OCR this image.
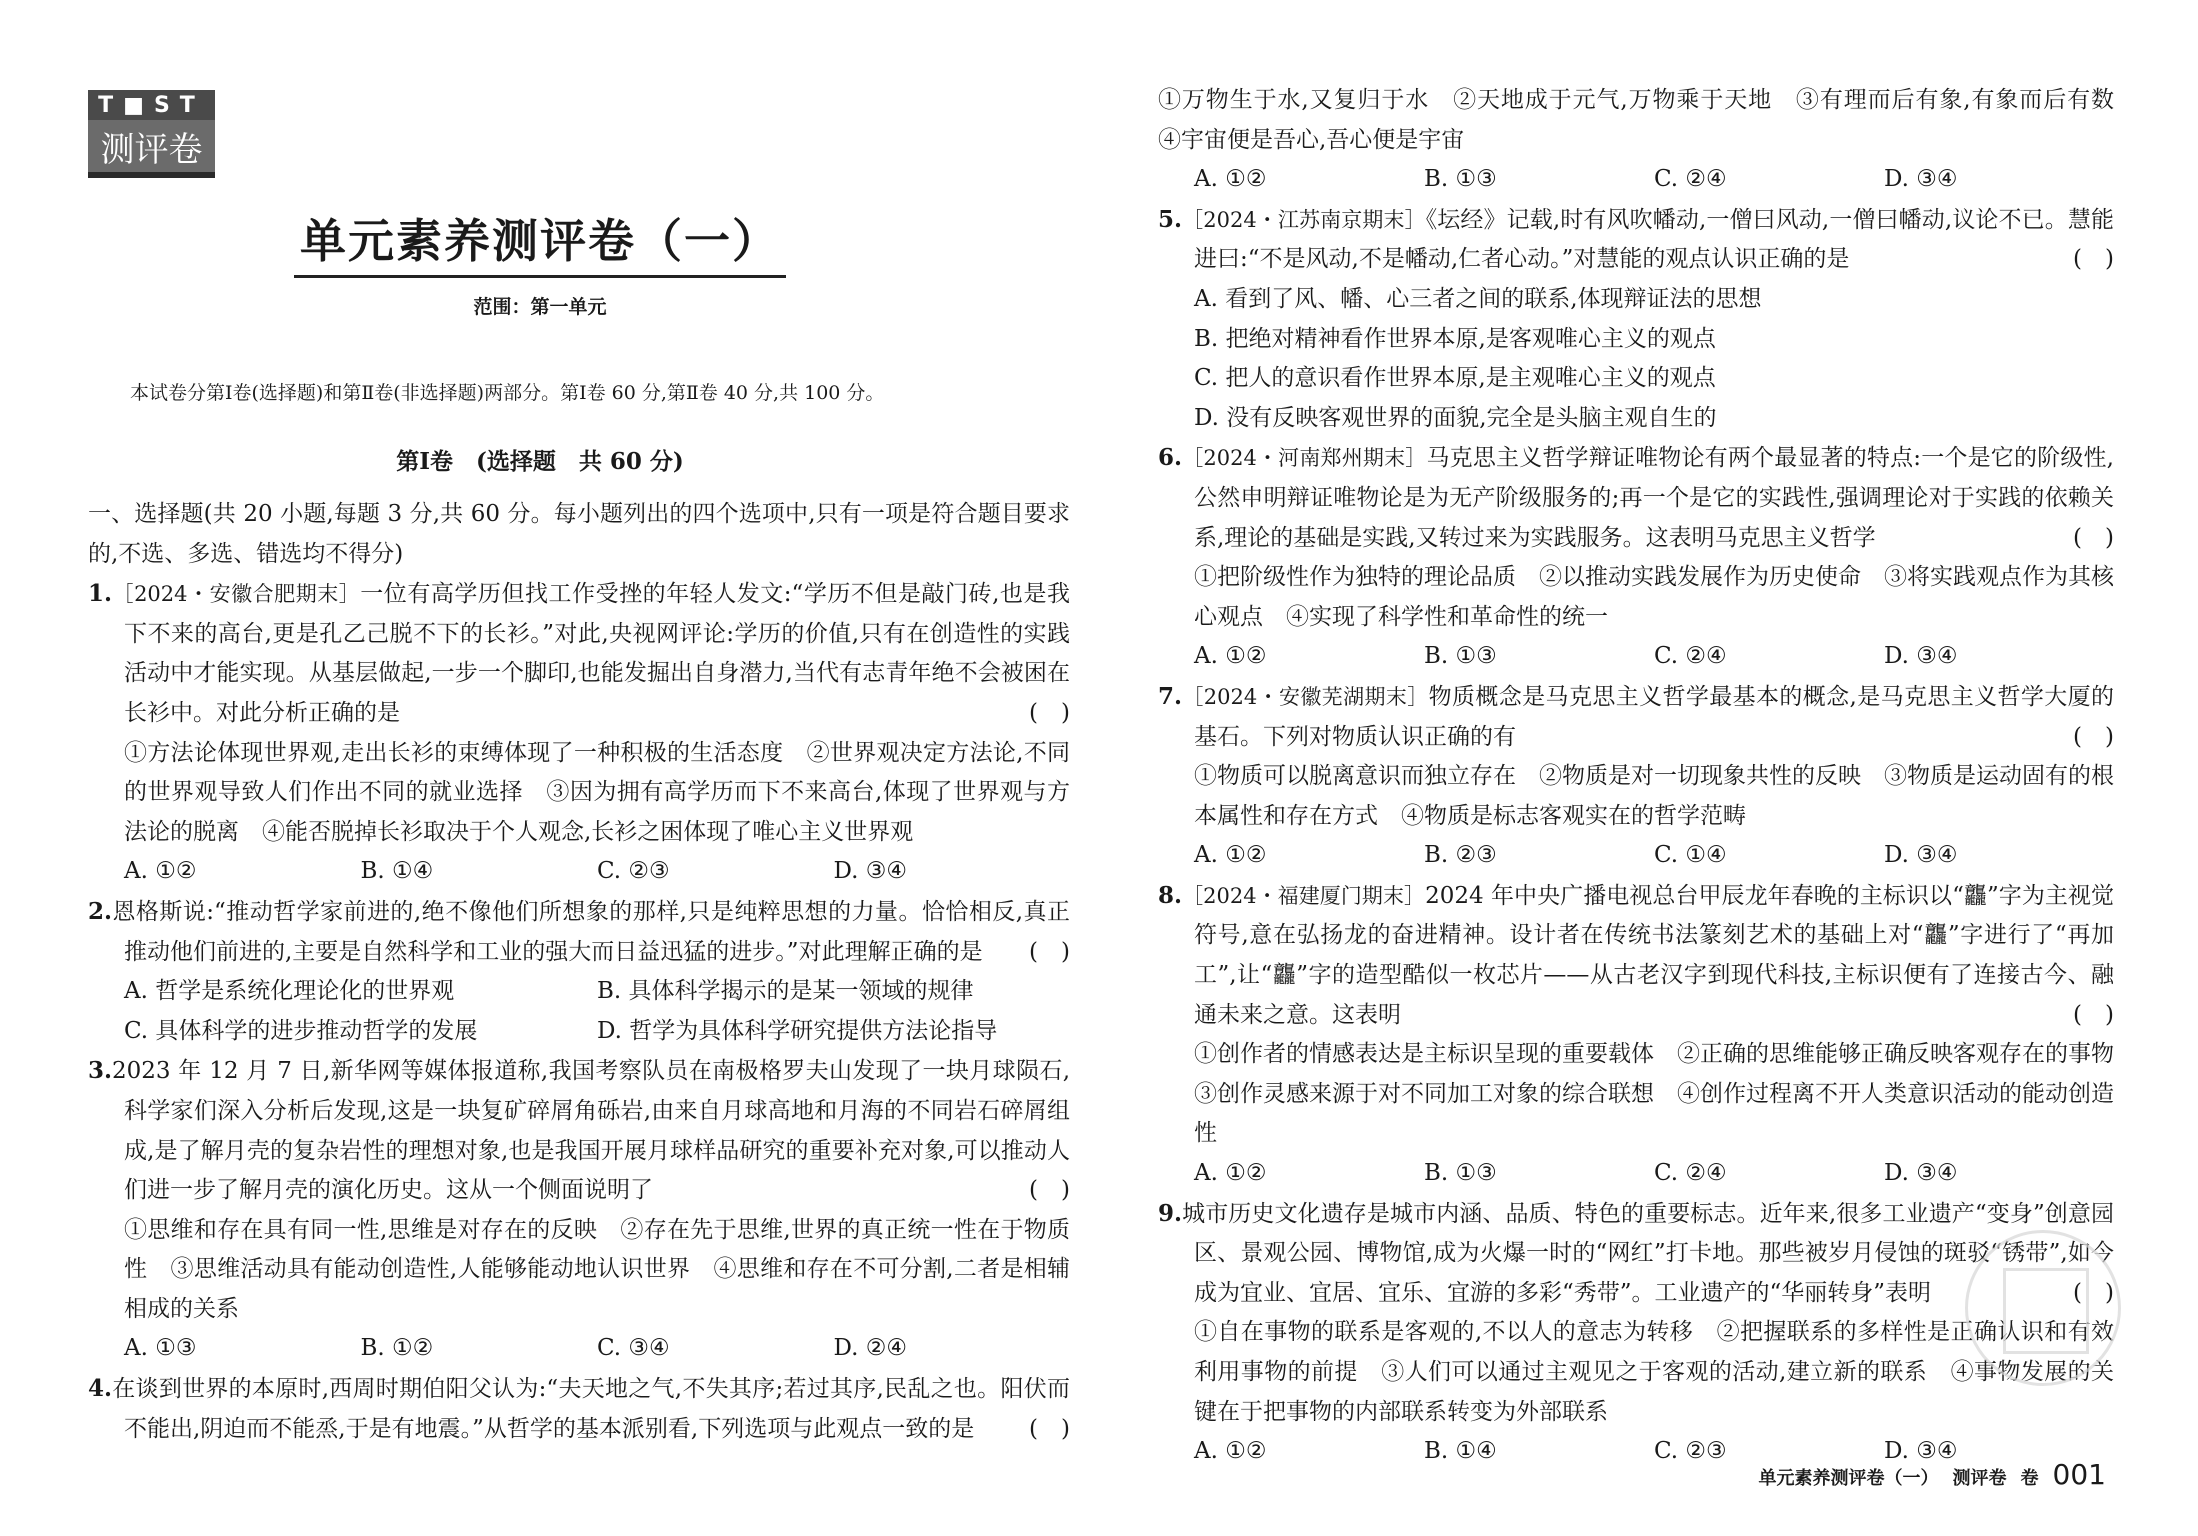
T■ST
测评卷
单元素养测评卷（一）
范围：第一单元
本试卷分第Ⅰ卷(选择题)和第Ⅱ卷(非选择题)两部分。第Ⅰ卷 60 分,第Ⅱ卷 40 分,共 100 分。
第Ⅰ卷　(选择题　共 60 分)

一、选择题(共 20 小题,每题 3 分,共 60 分。每小题列出的四个选项中,只有一项是符合题目要求的,不选、多选、错选均不得分)

1.［2024・安徽合肥期末］一位有高学历但找工作受挫的年轻人发文:“学历不但是敲门砖,也是我下不来的高台,更是孔乙己脱不下的长衫。”对此,央视网评论:学历的价值,只有在创造性的实践活动中才能实现。从基层做起,一步一个脚印,也能发掘出自身潜力,当代有志青年绝不会被困在长衫中。对此分析正确的是	(　)

①方法论体现世界观,走出长衫的束缚体现了一种积极的生活态度　②世界观决定方法论,不同的世界观导致人们作出不同的就业选择　③因为拥有高学历而下不来高台,体现了世界观与方法论的脱离　④能否脱掉长衫取决于个人观念,长衫之困体现了唯心主义世界观

A. ①②	B. ①④	C. ②③	D. ③④

2.恩格斯说:“推动哲学家前进的,绝不像他们所想象的那样,只是纯粹思想的力量。恰恰相反,真正推动他们前进的,主要是自然科学和工业的强大而日益迅猛的进步。”对此理解正确的是 (　)

A. 哲学是系统化理论化的世界观	B. 具体科学揭示的是某一领域的规律
C. 具体科学的进步推动哲学的发展	D. 哲学为具体科学研究提供方法论指导

3.2023 年 12 月 7 日,新华网等媒体报道称,我国考察队员在南极格罗夫山发现了一块月球陨石,科学家们深入分析后发现,这是一块复矿碎屑角砾岩,由来自月球高地和月海的不同岩石碎屑组成,是了解月壳的复杂岩性的理想对象,也是我国开展月球样品研究的重要补充对象,可以推动人们进一步了解月壳的演化历史。这从一个侧面说明了	(　)

①思维和存在具有同一性,思维是对存在的反映　②存在先于思维,世界的真正统一性在于物质性　③思维活动具有能动创造性,人能够能动地认识世界　④思维和存在不可分割,二者是相辅相成的关系

A. ①③	B. ①②	C. ③④	D. ②④

4.在谈到世界的本原时,西周时期伯阳父认为:“夫天地之气,不失其序;若过其序,民乱之也。阳伏而不能出,阴迫而不能烝,于是有地震。”从哲学的基本派别看,下列选项与此观点一致的是 (　)

①万物生于水,又复归于水　②天地成于元气,万物乘于天地　③有理而后有象,有象而后有数　④宇宙便是吾心,吾心便是宇宙

A. ①②	B. ①③	C. ②④	D. ③④

5.［2024・江苏南京期末］《坛经》记载,时有风吹幡动,一僧曰风动,一僧曰幡动,议论不已。慧能进曰:“不是风动,不是幡动,仁者心动。”对慧能的观点认识正确的是	(　)

A. 看到了风、幡、心三者之间的联系,体现辩证法的思想

B. 把绝对精神看作世界本原,是客观唯心主义的观点

C. 把人的意识看作世界本原,是主观唯心主义的观点

D. 没有反映客观世界的面貌,完全是头脑主观自生的

6.［2024・河南郑州期末］马克思主义哲学辩证唯物论有两个最显著的特点:一个是它的阶级性,公然申明辩证唯物论是为无产阶级服务的;再一个是它的实践性,强调理论对于实践的依赖关系,理论的基础是实践,又转过来为实践服务。这表明马克思主义哲学	(　)

①把阶级性作为独特的理论品质　②以推动实践发展作为历史使命　③将实践观点作为其核心观点　④实现了科学性和革命性的统一

A. ①②	B. ①③	C. ②④	D. ③④

7.［2024・安徽芜湖期末］物质概念是马克思主义哲学最基本的概念,是马克思主义哲学大厦的基石。下列对物质认识正确的有	(　)

①物质可以脱离意识而独立存在　②物质是对一切现象共性的反映　③物质是运动固有的根本属性和存在方式　④物质是标志客观实在的哲学范畴

A. ①②	B. ②③	C. ①④	D. ③④

8.［2024・福建厦门期末］2024 年中央广播电视总台甲辰龙年春晚的主标识以“龘”字为主视觉符号,意在弘扬龙的奋进精神。设计者在传统书法篆刻艺术的基础上对“龘”字进行了“再加工”,让“龘”字的造型酷似一枚芯片——从古老汉字到现代科技,主标识便有了连接古今、融通未来之意。这表明	(　)

①创作者的情感表达是主标识呈现的重要载体　②正确的思维能够正确反映客观存在的事物　③创作灵感来源于对不同加工对象的综合联想　④创作过程离不开人类意识活动的能动创造性

A. ①②	B. ①③	C. ②④	D. ③④

9.城市历史文化遗存是城市内涵、品质、特色的重要标志。近年来,很多工业遗产“变身”创意园区、景观公园、博物馆,成为火爆一时的“网红”打卡地。那些被岁月侵蚀的斑驳“锈带”,如今成为宜业、宜居、宜乐、宜游的多彩“秀带”。工业遗产的“华丽转身”表明	(　)

①自在事物的联系是客观的,不以人的意志为转移　②把握联系的多样性是正确认识和有效利用事物的前提　③人们可以通过主观见之于客观的活动,建立新的联系　④事物发展的关键在于把事物的内部联系转变为外部联系

A. ①②	B. ①④	C. ②③	D. ③④
单元素养测评卷（一） 测评卷 卷 001
